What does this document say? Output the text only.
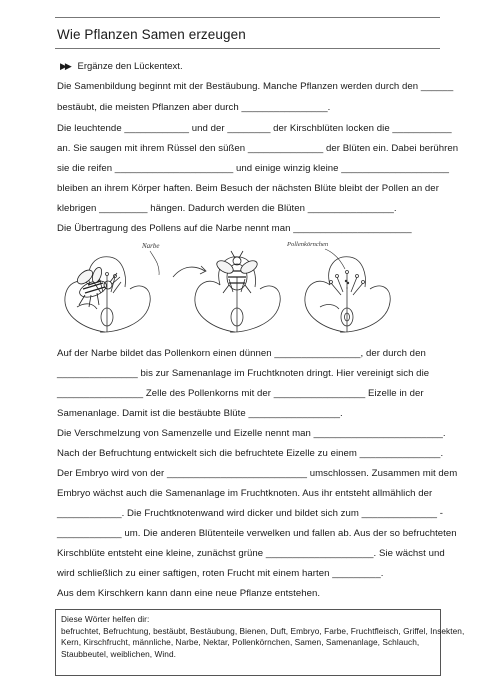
Wie Pflanzen Samen erzeugen
▶▶ Ergänze den Lückentext.
Die Samenbildung beginnt mit der Bestäubung. Manche Pflanzen werden durch den ______
bestäubt, die meisten Pflanzen aber durch ________________.
Die leuchtende ____________ und der ________ der Kirschblüten locken die ___________
an. Sie saugen mit ihrem Rüssel den süßen ______________ der Blüten ein. Dabei berühren
sie die reifen ______________________ und einige winzig kleine ____________________
bleiben an ihrem Körper haften. Beim Besuch der nächsten Blüte bleibt der Pollen an der
klebrigen _________ hängen. Dadurch werden die Blüten ________________.
Die Übertragung des Pollens auf die Narbe nennt man ______________________
Narbe	Pollenkörnchen
Auf der Narbe bildet das Pollenkorn einen dünnen ________________, der durch den
_______________ bis zur Samenanlage im Fruchtknoten dringt. Hier vereinigt sich die
________________ Zelle des Pollenkorns mit der _________________ Eizelle in der
Samenanlage. Damit ist die bestäubte Blüte _________________.
Die Verschmelzung von Samenzelle und Eizelle nennt man ________________________.
Nach der Befruchtung entwickelt sich die befruchtete Eizelle zu einem _______________.
Der Embryo wird von der __________________________ umschlossen. Zusammen mit dem
Embryo wächst auch die Samenanlage im Fruchtknoten. Aus ihr entsteht allmählich der
____________. Die Fruchtknotenwand wird dicker und bildet sich zum ______________ -
____________ um. Die anderen Blütenteile verwelken und fallen ab. Aus der so befruchteten
Kirschblüte entsteht eine kleine, zunächst grüne ____________________. Sie wächst und
wird schließlich zu einer saftigen, roten Frucht mit einem harten _________.
Aus dem Kirschkern kann dann eine neue Pflanze entstehen.
Diese Wörter helfen dir:
befruchtet, Befruchtung, bestäubt, Bestäubung, Bienen, Duft, Embryo, Farbe, Fruchtfleisch, Griffel, Insekten,
Kern, Kirschfrucht, männliche, Narbe, Nektar, Pollenkörnchen, Samen, Samenanlage, Schlauch,
Staubbeutel, weiblichen, Wind.
